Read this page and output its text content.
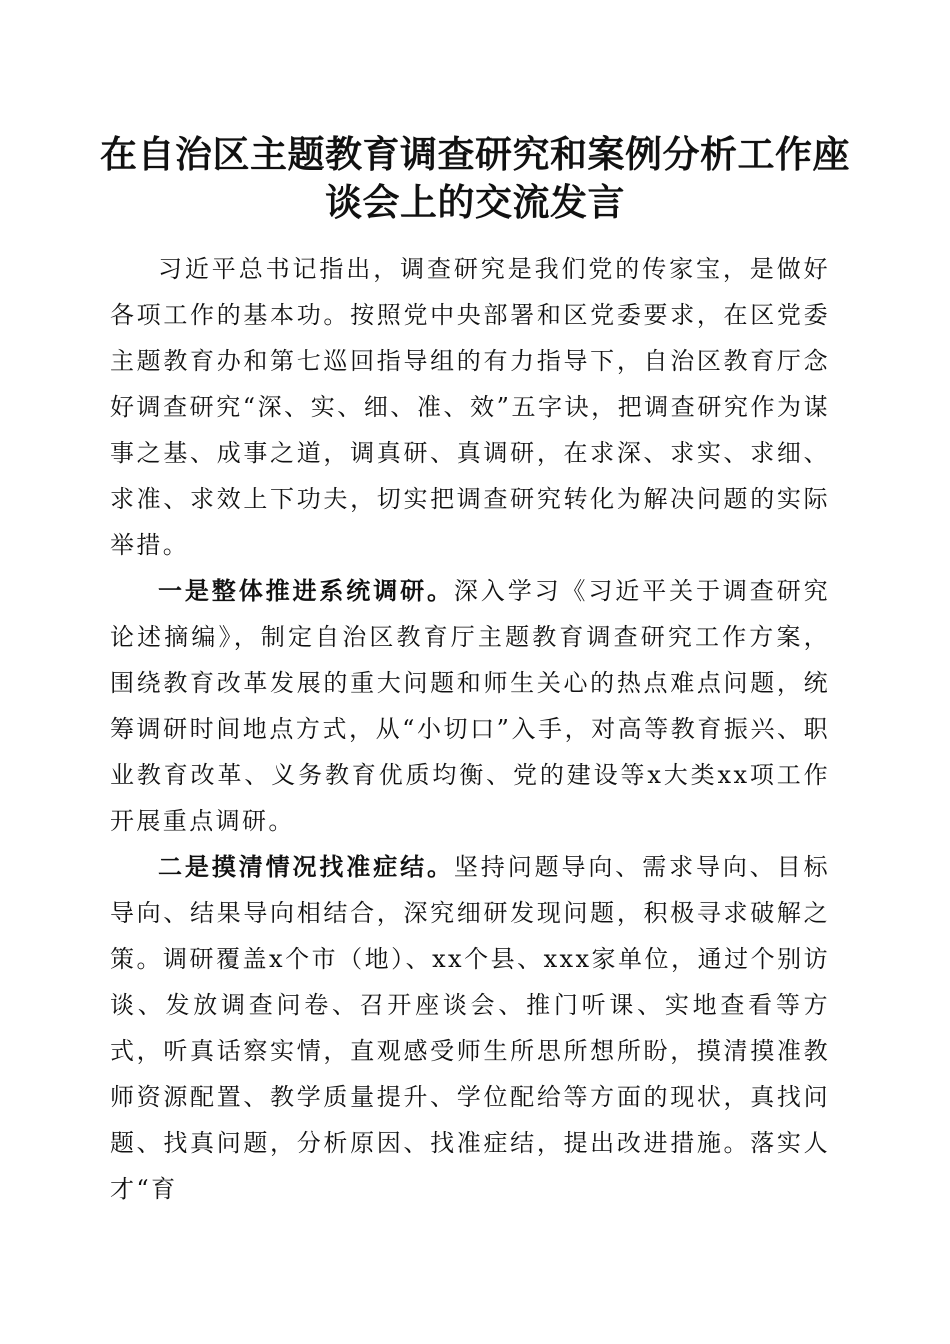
在自治区主题教育调查研究和案例分析工作座
谈会上的交流发言

习近平总书记指出，调查研究是我们党的传家宝，是做好各项工作的基本功。按照党中央部署和区党委要求，在区党委主题教育办和第七巡回指导组的有力指导下，自治区教育厅念好调查研究“深、实、细、准、效”五字诀，把调查研究作为谋事之基、成事之道，调真研、真调研，在求深、求实、求细、求准、求效上下功夫，切实把调查研究转化为解决问题的实际举措。

一是整体推进系统调研。深入学习《习近平关于调查研究论述摘编》，制定自治区教育厅主题教育调查研究工作方案，围绕教育改革发展的重大问题和师生关心的热点难点问题，统筹调研时间地点方式，从“小切口”入手，对高等教育振兴、职业教育改革、义务教育优质均衡、党的建设等x大类xx项工作开展重点调研。

二是摸清情况找准症结。坚持问题导向、需求导向、目标导向、结果导向相结合，深究细研发现问题，积极寻求破解之策。调研覆盖x个市（地）、xx个县、xxx家单位，通过个别访谈、发放调查问卷、召开座谈会、推门听课、实地查看等方式，听真话察实情，直观感受师生所思所想所盼，摸清摸准教师资源配置、教学质量提升、学位配给等方面的现状，真找问题、找真问题，分析原因、找准症结，提出改进措施。落实人才“育
